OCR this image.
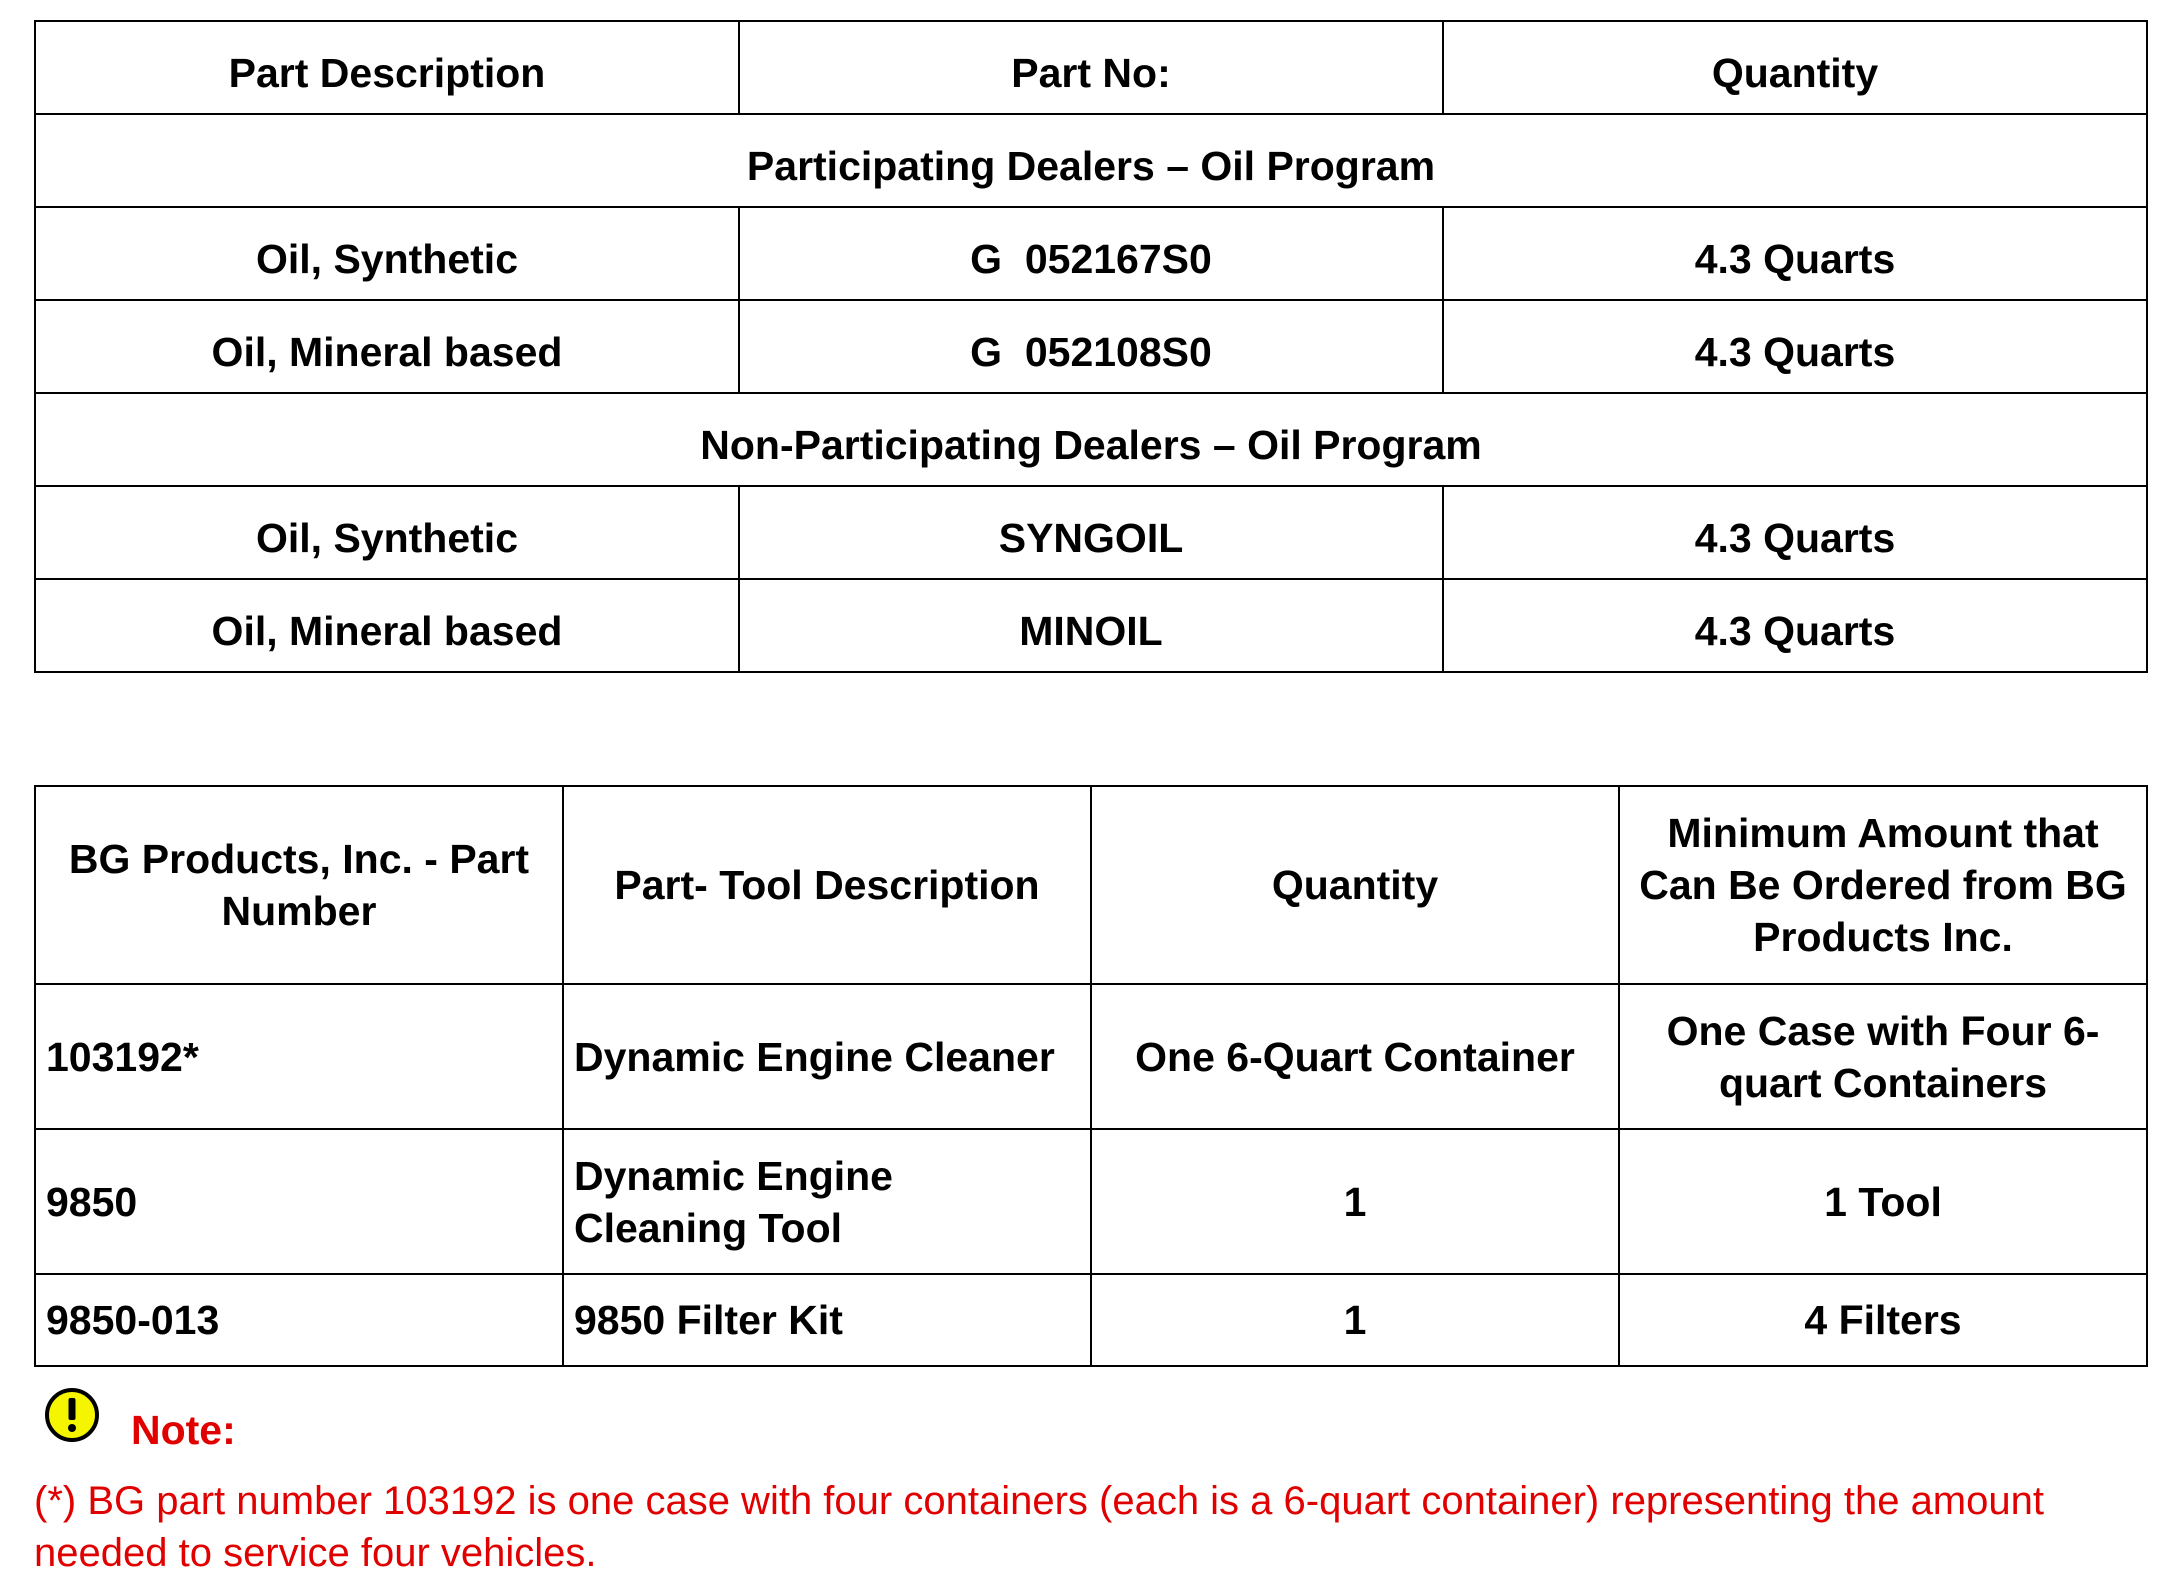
Part Description	Part No:	Quantity
Participating Dealers – Oil Program		
Oil, Synthetic	G  052167S0	4.3 Quarts
Oil, Mineral based	G  052108S0	4.3 Quarts
Non-Participating Dealers – Oil Program		
Oil, Synthetic	SYNGOIL	4.3 Quarts
Oil, Mineral based	MINOIL	4.3 Quarts
BG Products, Inc. - Part Number	Part- Tool Description	Quantity	Minimum Amount that Can Be Ordered from BG Products Inc.
103192*	Dynamic Engine Cleaner	One 6-Quart Container	One Case with Four 6-quart Containers
9850	Dynamic Engine Cleaning Tool	1	1 Tool
9850-013	9850 Filter Kit	1	4 Filters
Note:
(*) BG part number 103192 is one case with four containers (each is a 6-quart container) representing the amount needed to service four vehicles.
